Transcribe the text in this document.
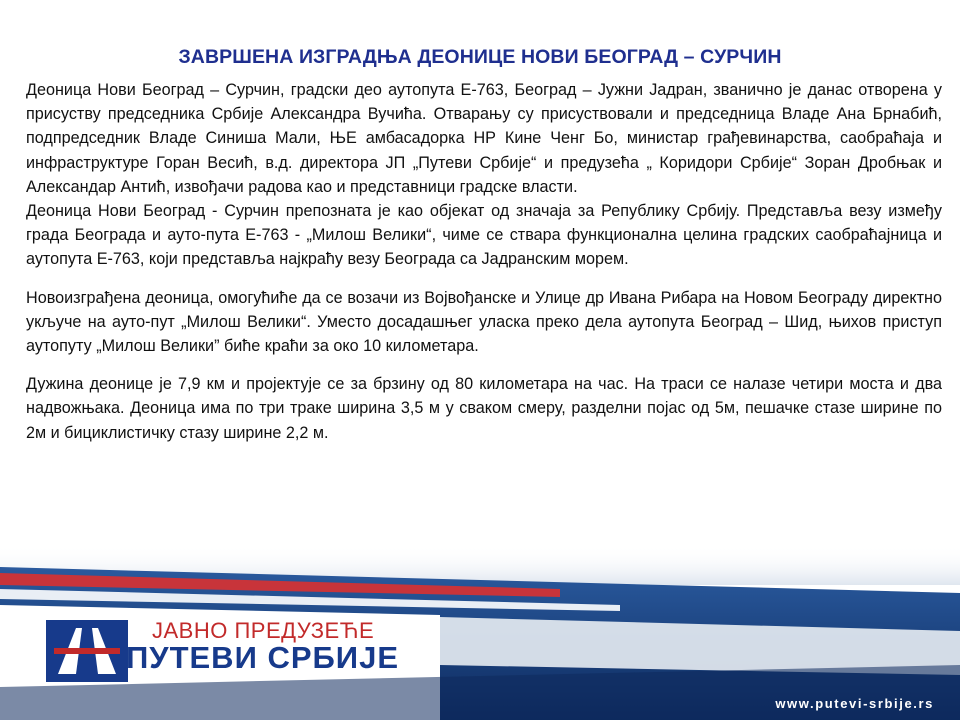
ЗАВРШЕНА ИЗГРАДЊА ДЕОНИЦЕ НОВИ БЕОГРАД – СУРЧИН

Деоница Нови Београд – Сурчин, градски део аутопута Е-763, Београд – Јужни Јадран, званично је данас отворена у присуству председника Србије Александра Вучића. Отварању су присуствовали и председница Владе Ана Брнабић, подпредседник Владе Синиша Мали, ЊЕ амбасадорка НР Кине Ченг Бо, министар грађевинарства, саобраћаја и инфраструктуре Горан Весић, в.д. директора ЈП „Путеви Србије“ и предузећа „ Коридори Србије“ Зоран Дробњак и Александар Антић, извођачи радова као и представници градске власти.

Деоница Нови Београд - Сурчин препозната је као објекат од значаја за Републику Србију. Представља везу између града Београда и ауто-пута Е-763 - „Милош Велики“, чиме се ствара функционална целина градских саобраћајница и аутопута Е-763, који представља најкраћу везу Београда са Јадранским морем.

Новоизграђена деоница, омогућиће да се возачи из Војвођанске и Улице др Ивана Рибара на Новом Београду директно укључе на ауто-пут „Милош Велики“. Уместо досадашњег уласка преко дела аутопута Београд – Шид, њихов приступ аутопуту „Милош Велики” биће краћи за око 10 километара.

Дужина деонице је 7,9 км и пројектује се за брзину од 80 километара на час. На траси се налазе четири моста и два надвожњака. Деоница има по три траке ширина 3,5 м у сваком смеру, разделни појас од 5м, пешачке стазе ширине по 2м и бициклистичку стазу ширине 2,2 м.

ЈАВНО ПРЕДУЗЕЋЕ

ПУТЕВИ СРБИЈЕ

www.putevi-srbije.rs
